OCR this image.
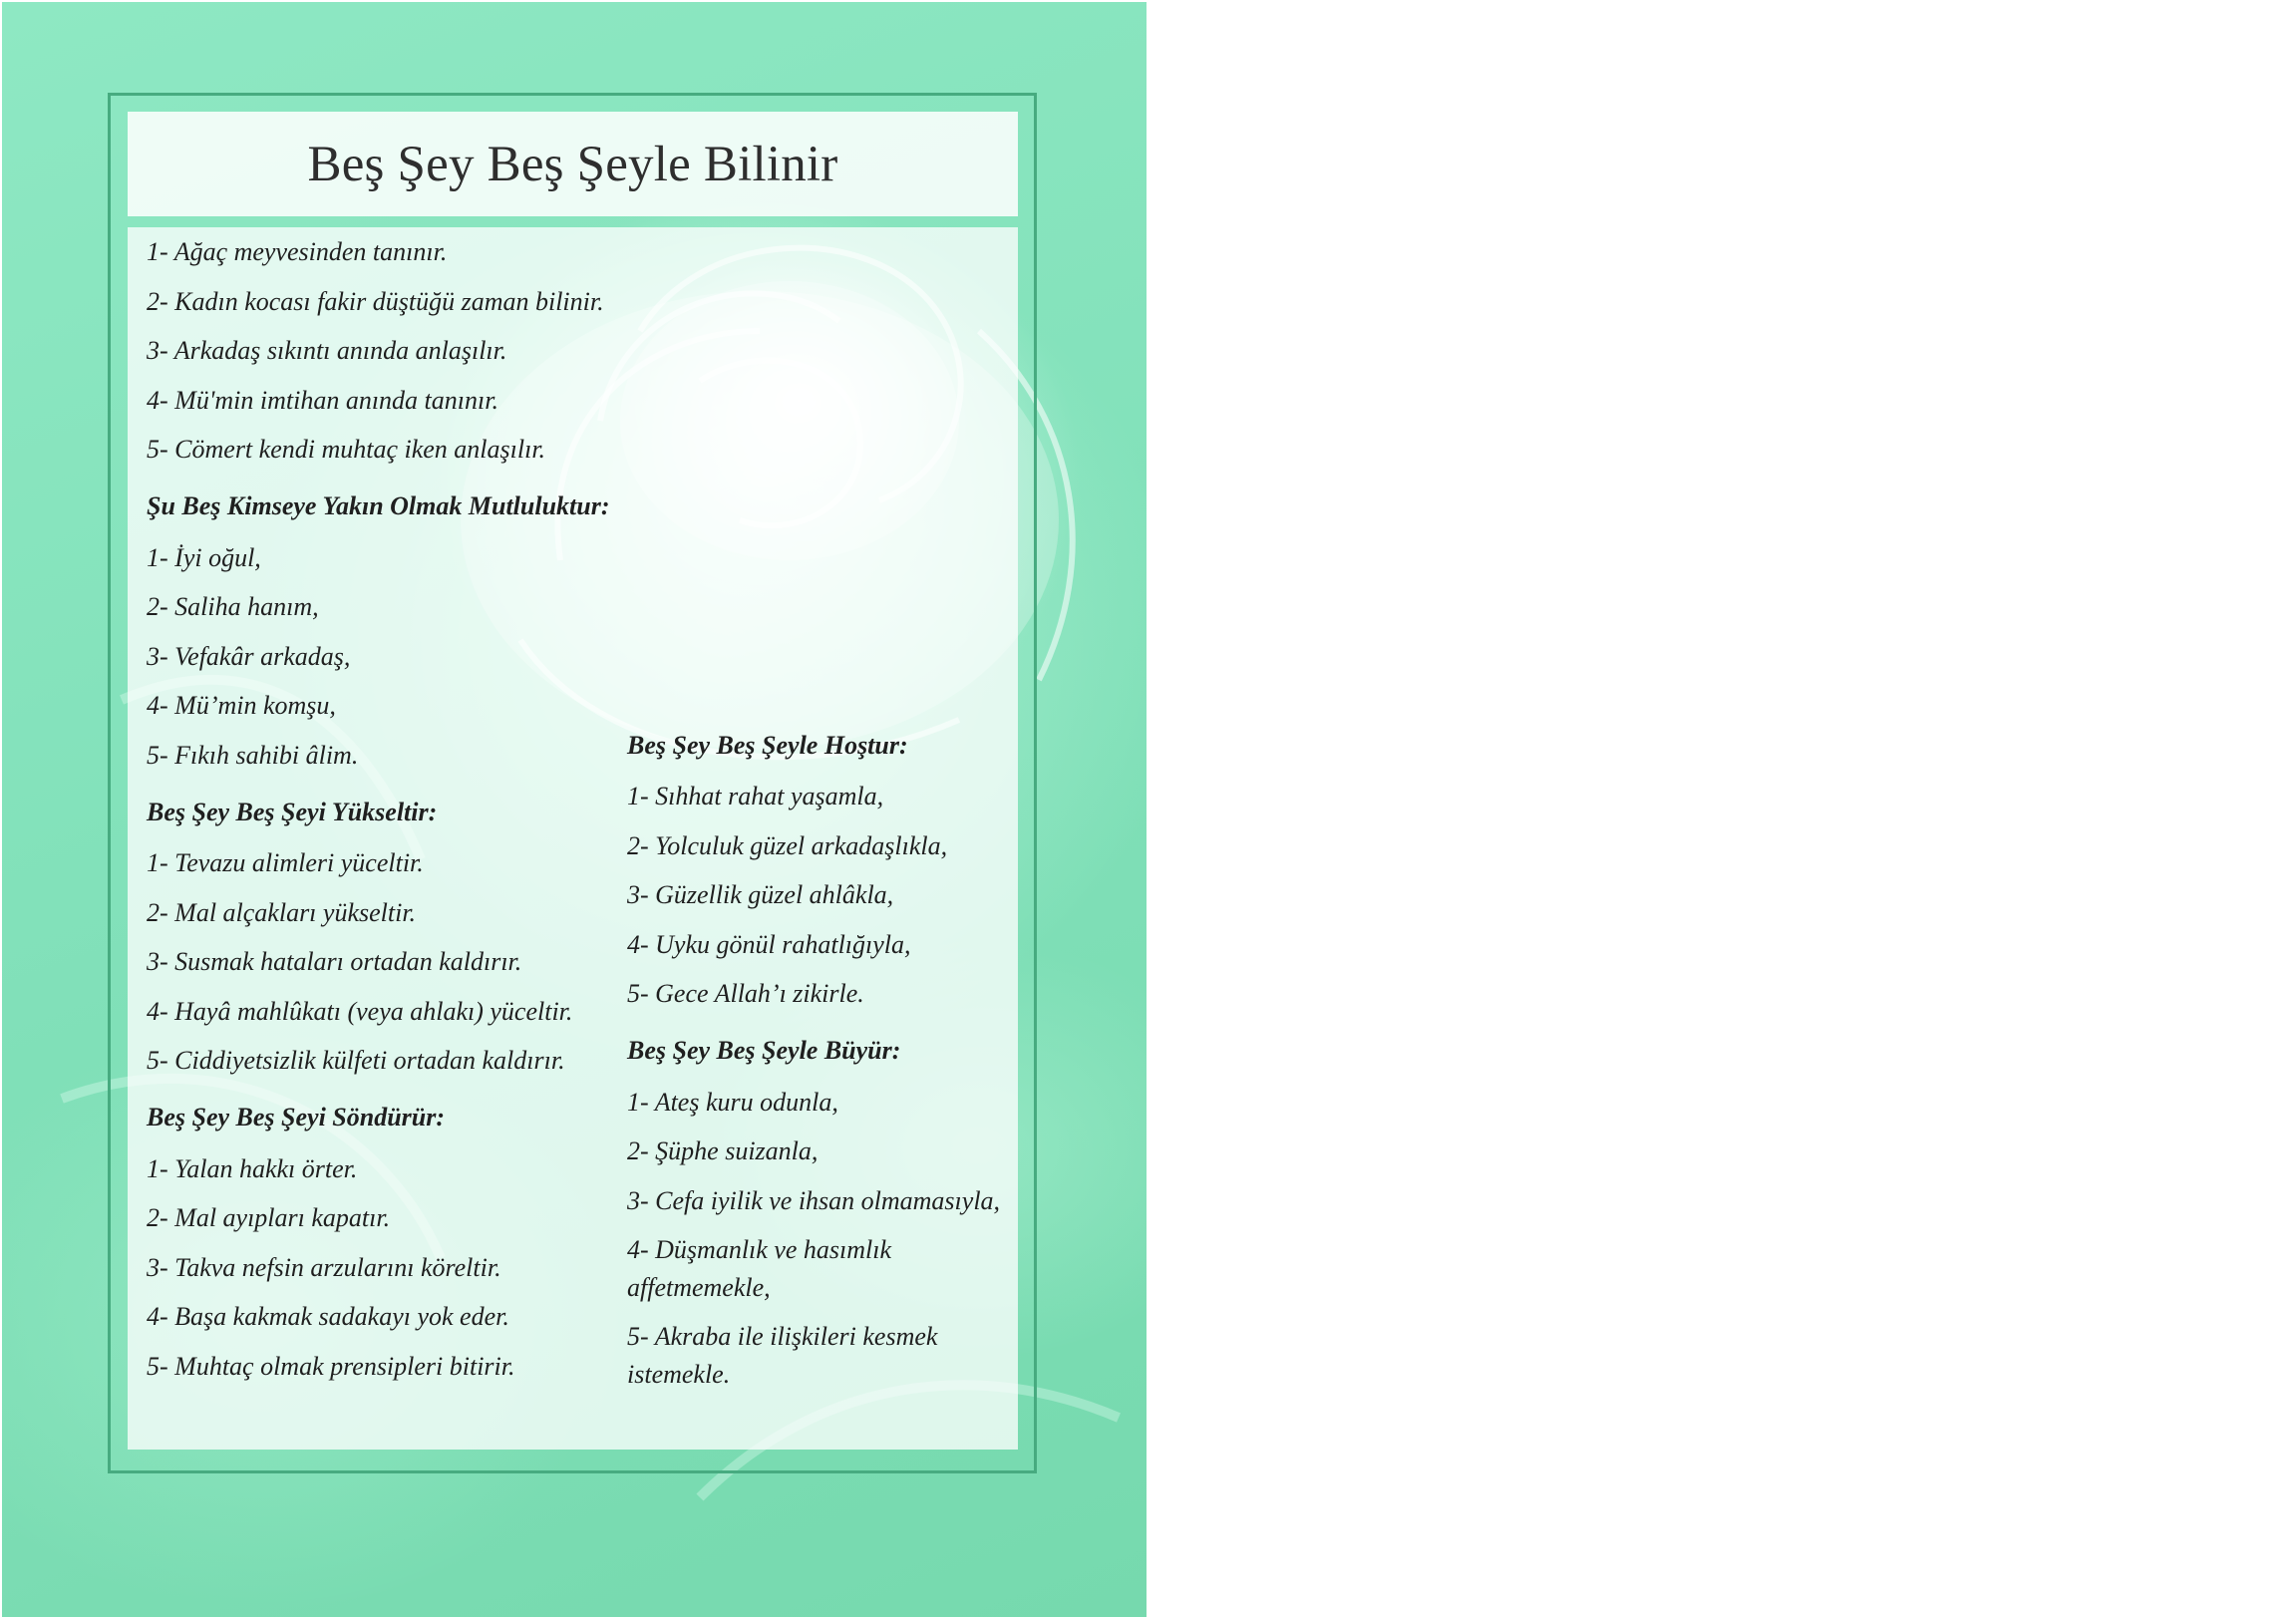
Beş Şey Beş Şeyle Bilinir
1- Ağaç meyvesinden tanınır.
2- Kadın kocası fakir düştüğü zaman bilinir.
3- Arkadaş sıkıntı anında anlaşılır.
4- Mü'min imtihan anında tanınır.
5- Cömert kendi muhtaç iken anlaşılır.
Şu Beş Kimseye Yakın Olmak Mutluluktur:
1- İyi oğul,
2- Saliha hanım,
3- Vefakâr arkadaş,
4- Mü’min komşu,
5- Fıkıh sahibi âlim.
Beş Şey Beş Şeyi Yükseltir:
1- Tevazu alimleri yüceltir.
2- Mal alçakları yükseltir.
3- Susmak hataları ortadan kaldırır.
4- Hayâ mahlûkatı (veya ahlakı) yüceltir.
5- Ciddiyetsizlik külfeti ortadan kaldırır.
Beş Şey Beş Şeyi Söndürür:
1- Yalan hakkı örter.
2- Mal ayıpları kapatır.
3- Takva nefsin arzularını köreltir.
4- Başa kakmak sadakayı yok eder.
5- Muhtaç olmak prensipleri bitirir.
Beş Şey Beş Şeyle Hoştur:
1- Sıhhat rahat yaşamla,
2- Yolculuk güzel arkadaşlıkla,
3- Güzellik güzel ahlâkla,
4- Uyku gönül rahatlığıyla,
5- Gece Allah’ı zikirle.
Beş Şey Beş Şeyle Büyür:
1- Ateş kuru odunla,
2- Şüphe suizanla,
3- Cefa iyilik ve ihsan olmamasıyla,
4- Düşmanlık ve hasımlık affetmemekle,
5- Akraba ile ilişkileri kesmek istemekle.
